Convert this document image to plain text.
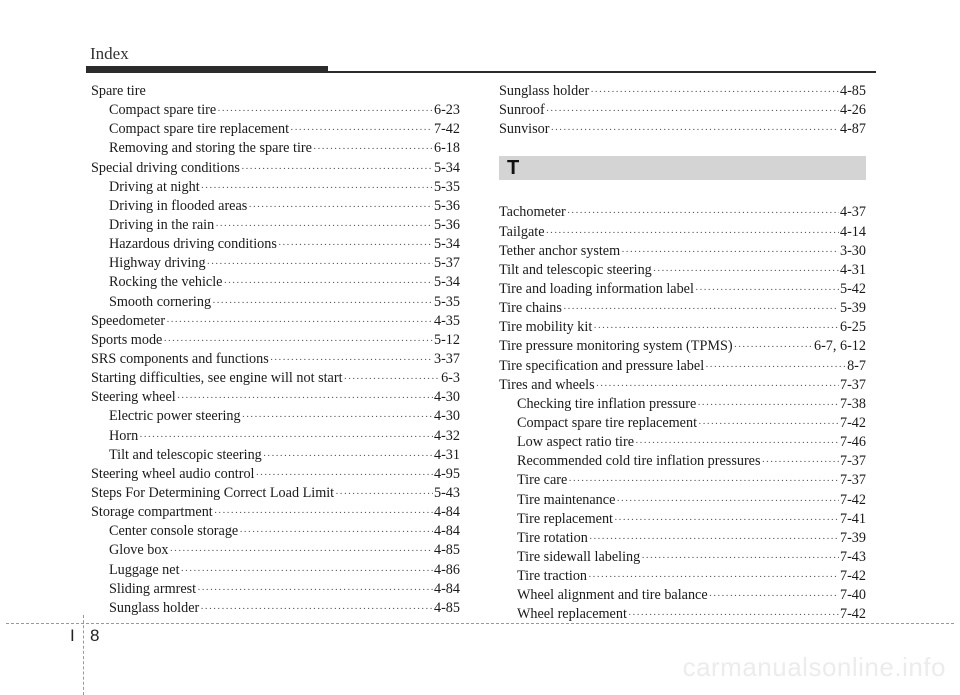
Index
Spare tire
Compact spare tire ·····	6-23
Compact spare tire replacement ·····	7-42
Removing and storing the spare tire ·····	6-18
Special driving conditions ·····	5-34
Driving at night ·····	5-35
Driving in flooded areas ·····	5-36
Driving in the rain ·····	5-36
Hazardous driving conditions ·····	5-34
Highway driving ·····	5-37
Rocking the vehicle ·····	5-34
Smooth cornering ·····	5-35
Speedometer ·····	4-35
Sports mode ·····	5-12
SRS components and functions ·····	3-37
Starting difficulties, see engine will not start ·····	6-3
Steering wheel ·····	4-30
Electric power steering ·····	4-30
Horn ·····	4-32
Tilt and telescopic steering ·····	4-31
Steering wheel audio control ·····	4-95
Steps For Determining Correct Load Limit ·····	5-43
Storage compartment ·····	4-84
Center console storage ·····	4-84
Glove box ·····	4-85
Luggage net ·····	4-86
Sliding armrest ·····	4-84
Sunglass holder ·····	4-85
Sunglass holder ·····	4-85
Sunroof ·····	4-26
Sunvisor ·····	4-87
T
Tachometer ·····	4-37
Tailgate ·····	4-14
Tether anchor system ·····	3-30
Tilt and telescopic steering ·····	4-31
Tire and loading information label ·····	5-42
Tire chains ·····	5-39
Tire mobility kit ·····	6-25
Tire pressure monitoring system (TPMS) ·····	6-7, 6-12
Tire specification and pressure label ·····	8-7
Tires and wheels ·····	7-37
Checking tire inflation pressure ·····	7-38
Compact spare tire replacement ·····	7-42
Low aspect ratio tire ·····	7-46
Recommended cold tire inflation pressures ·····	7-37
Tire care ·····	7-37
Tire maintenance ·····	7-42
Tire replacement ·····	7-41
Tire rotation ·····	7-39
Tire sidewall labeling ·····	7-43
Tire traction ·····	7-42
Wheel alignment and tire balance ·····	7-40
Wheel replacement ·····	7-42
I 8
carmanualsonline.info
